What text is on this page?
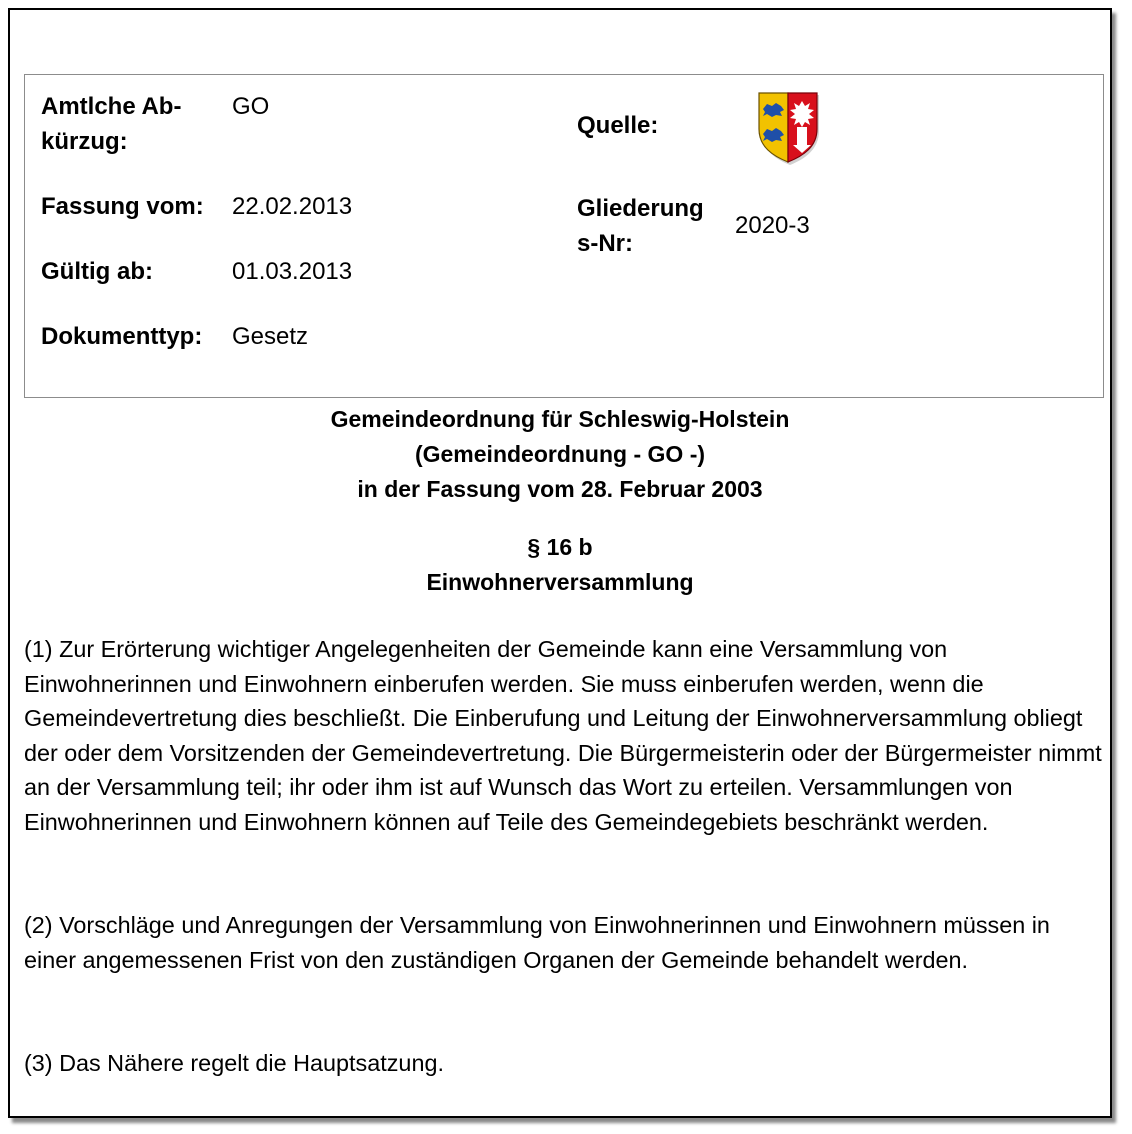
Amtlche Ab-
kürzug:
GO
Fassung vom: 22.02.2013
Gültig ab:	01.03.2013
Dokumenttyp: Gesetz
Quelle:
Gliederung
s-Nr:
2020-3
Gemeindeordnung für Schleswig-Holstein
(Gemeindeordnung - GO -)
in der Fassung vom 28. Februar 2003
§ 16 b
Einwohnerversammlung

(1) Zur Erörterung wichtiger Angelegenheiten der Gemeinde kann eine Versammlung von Einwohnerinnen und Einwohnern einberufen werden. Sie muss einberufen werden, wenn die Gemeindevertretung dies beschließt. Die Einberufung und Leitung der Einwohnerversammlung obliegt der oder dem Vorsitzenden der Gemeindevertretung. Die Bürgermeisterin oder der Bürgermeister nimmt an der Versammlung teil; ihr oder ihm ist auf Wunsch das Wort zu erteilen. Versammlungen von Einwohnerinnen und Einwohnern können auf Teile des Gemeindegebiets beschränkt werden.

(2) Vorschläge und Anregungen der Versammlung von Einwohnerinnen und Einwohnern müssen in einer angemessenen Frist von den zuständigen Organen der Gemeinde behandelt werden.

(3) Das Nähere regelt die Hauptsatzung.
